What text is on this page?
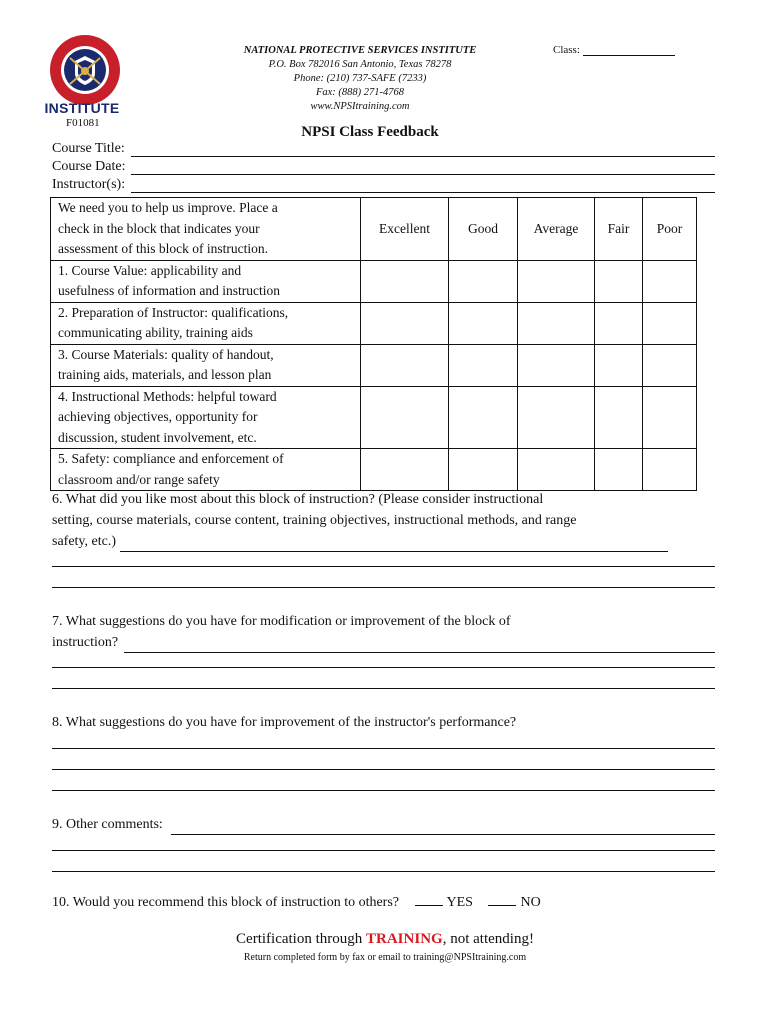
INSTITUTE
F01081
NATIONAL PROTECTIVE SERVICES INSTITUTE
P.O. Box 782016 San Antonio, Texas 78278
Phone: (210) 737-SAFE (7233)
Fax: (888) 271-4768
www.NPSItraining.com
Class:
NPSI Class Feedback
Course Title:
Course Date:
Instructor(s):
We need you to help us improve. Place a
check in the block that indicates your
assessment of this block of instruction.	Excellent	Good	Average	Fair	Poor

1. Course Value: applicability and
usefulness of information and instruction					

2. Preparation of Instructor: qualifications,
communicating ability, training aids					

3. Course Materials: quality of handout,
training aids, materials, and lesson plan					

4. Instructional Methods: helpful toward
achieving objectives, opportunity for
discussion, student involvement, etc.					

5. Safety: compliance and enforcement of
classroom and/or range safety					

6. What did you like most about this block of instruction? (Please consider instructional
setting, course materials, course content, training objectives, instructional methods, and range
safety, etc.)
7. What suggestions do you have for modification or improvement of the block of
instruction?
8. What suggestions do you have for improvement of the instructor's performance?
9. Other comments:
10. Would you recommend this block of instruction to others?	YES	NO
Certification through TRAINING, not attending!
Return completed form by fax or email to training@NPSItraining.com
